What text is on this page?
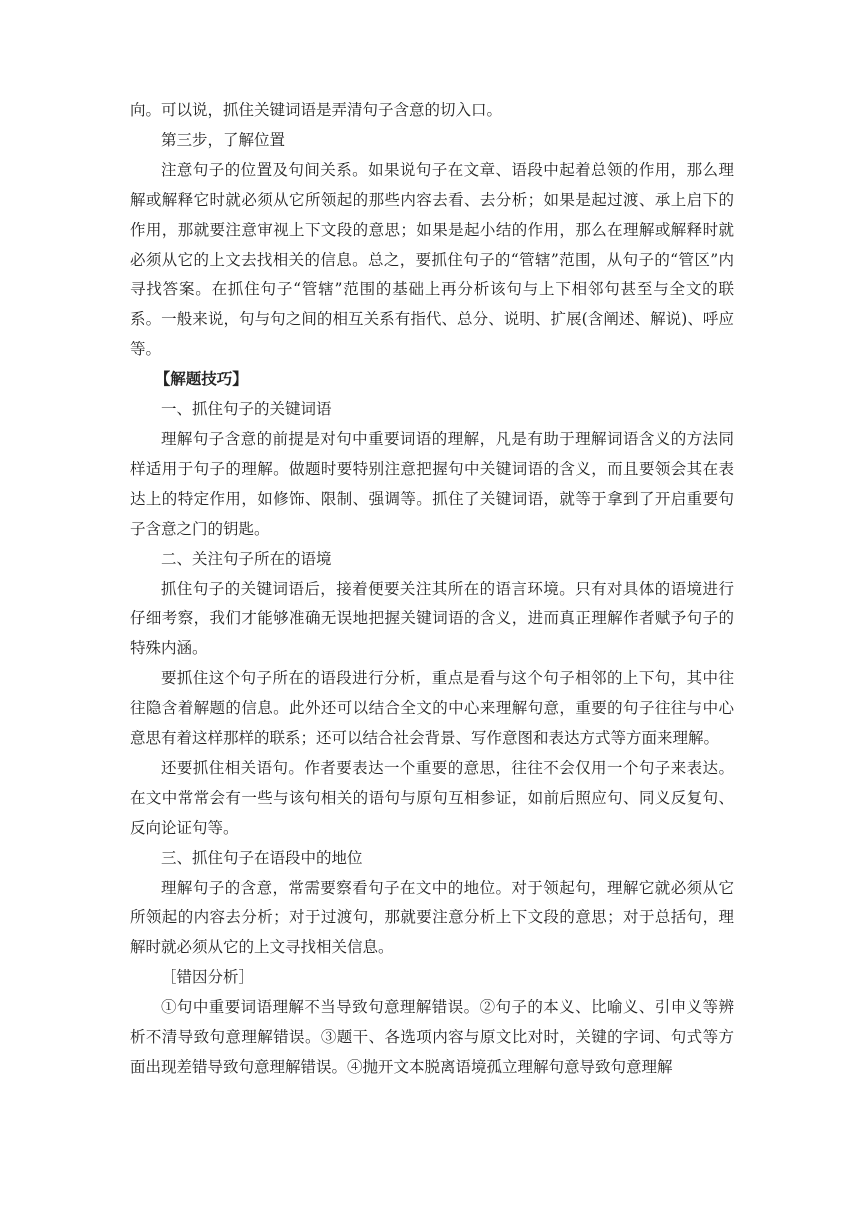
向。可以说，抓住关键词语是弄清句子含意的切入口。

第三步，了解位置

注意句子的位置及句间关系。如果说句子在文章、语段中起着总领的作用，那么理解或解释它时就必须从它所领起的那些内容去看、去分析；如果是起过渡、承上启下的作用，那就要注意审视上下文段的意思；如果是起小结的作用，那么在理解或解释时就必须从它的上文去找相关的信息。总之，要抓住句子的“管辖”范围，从句子的“管区”内寻找答案。在抓住句子“管辖”范围的基础上再分析该句与上下相邻句甚至与全文的联系。一般来说，句与句之间的相互关系有指代、总分、说明、扩展(含阐述、解说)、呼应等。

【解题技巧】

一、抓住句子的关键词语

理解句子含意的前提是对句中重要词语的理解，凡是有助于理解词语含义的方法同样适用于句子的理解。做题时要特别注意把握句中关键词语的含义，而且要领会其在表达上的特定作用，如修饰、限制、强调等。抓住了关键词语，就等于拿到了开启重要句子含意之门的钥匙。

二、关注句子所在的语境

抓住句子的关键词语后，接着便要关注其所在的语言环境。只有对具体的语境进行仔细考察，我们才能够准确无误地把握关键词语的含义，进而真正理解作者赋予句子的特殊内涵。

要抓住这个句子所在的语段进行分析，重点是看与这个句子相邻的上下句，其中往往隐含着解题的信息。此外还可以结合全文的中心来理解句意，重要的句子往往与中心意思有着这样那样的联系；还可以结合社会背景、写作意图和表达方式等方面来理解。

还要抓住相关语句。作者要表达一个重要的意思，往往不会仅用一个句子来表达。在文中常常会有一些与该句相关的语句与原句互相参证，如前后照应句、同义反复句、反向论证句等。

三、抓住句子在语段中的地位

理解句子的含意，常需要察看句子在文中的地位。对于领起句，理解它就必须从它所领起的内容去分析；对于过渡句，那就要注意分析上下文段的意思；对于总括句，理解时就必须从它的上文寻找相关信息。

［错因分析］

①句中重要词语理解不当导致句意理解错误。②句子的本义、比喻义、引申义等辨析不清导致句意理解错误。③题干、各选项内容与原文比对时，关键的字词、句式等方面出现差错导致句意理解错误。④抛开文本脱离语境孤立理解句意导致句意理解
